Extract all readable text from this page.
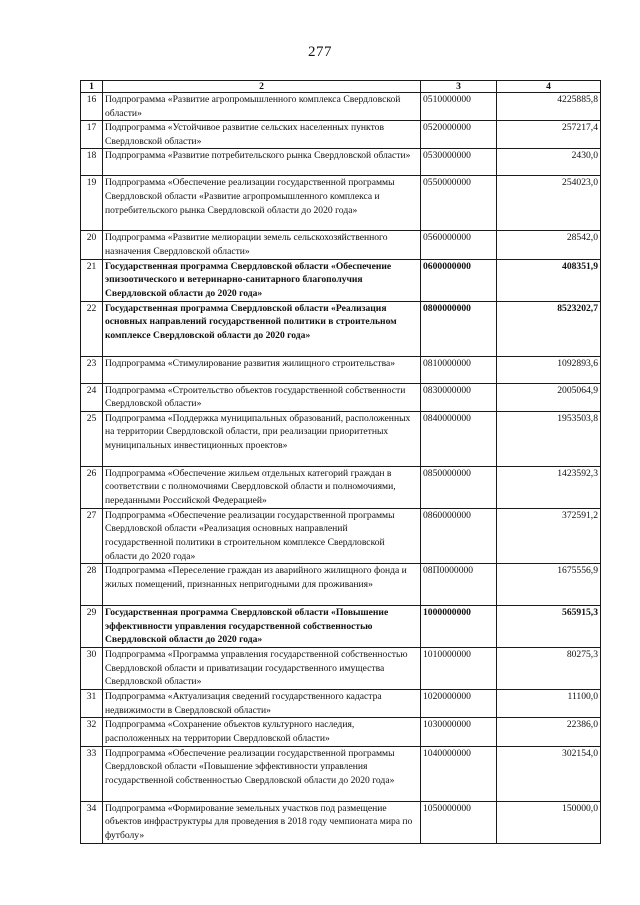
277
1	2	3	4
16	Подпрограмма «Развитие агропромышленного комплекса Свердловской области»	0510000000	4225885,8
17	Подпрограмма «Устойчивое развитие сельских населенных пунктов Свердловской области»	0520000000	257217,4
18	Подпрограмма «Развитие потребительского рынка Свердловской области»	0530000000	2430,0
19	Подпрограмма «Обеспечение реализации государственной программы Свердловской области «Развитие агропромышленного комплекса и потребительского рынка Свердловской области до 2020 года»	0550000000	254023,0
20	Подпрограмма «Развитие мелиорации земель сельскохозяйственного назначения Свердловской области»	0560000000	28542,0
21	Государственная программа Свердловской области «Обеспечение эпизоотического и ветеринарно-санитарного благополучия Свердловской области до 2020 года»	0600000000	408351,9
22	Государственная программа Свердловской области «Реализация основных направлений государственной политики в строительном комплексе Свердловской области до 2020 года»	0800000000	8523202,7
23	Подпрограмма «Стимулирование развития жилищного строительства»	0810000000	1092893,6
24	Подпрограмма «Строительство объектов государственной собственности Свердловской области»	0830000000	2005064,9
25	Подпрограмма «Поддержка муниципальных образований, расположенных на территории Свердловской области, при реализации приоритетных муниципальных инвестиционных проектов»	0840000000	1953503,8
26	Подпрограмма «Обеспечение жильем отдельных категорий граждан в соответствии с полномочиями Свердловской области и полномочиями, переданными Российской Федерацией»	0850000000	1423592,3
27	Подпрограмма «Обеспечение реализации государственной программы Свердловской области «Реализация основных направлений государственной политики в строительном комплексе Свердловской области до 2020 года»	0860000000	372591,2
28	Подпрограмма «Переселение граждан из аварийного жилищного фонда и жилых помещений, признанных непригодными для проживания»	08П0000000	1675556,9
29	Государственная программа Свердловской области «Повышение эффективности управления государственной собственностью Свердловской области до 2020 года»	1000000000	565915,3
30	Подпрограмма «Программа управления государственной собственностью Свердловской области и приватизации государственного имущества Свердловской области»	1010000000	80275,3
31	Подпрограмма «Актуализация сведений государственного кадастра недвижимости в Свердловской области»	1020000000	11100,0
32	Подпрограмма «Сохранение объектов культурного наследия, расположенных на территории Свердловской области»	1030000000	22386,0
33	Подпрограмма «Обеспечение реализации государственной программы Свердловской области «Повышение эффективности управления государственной собственностью Свердловской области до 2020 года»	1040000000	302154,0
34	Подпрограмма «Формирование земельных участков под размещение объектов инфраструктуры для проведения в 2018 году чемпионата мира по футболу»	1050000000	150000,0
